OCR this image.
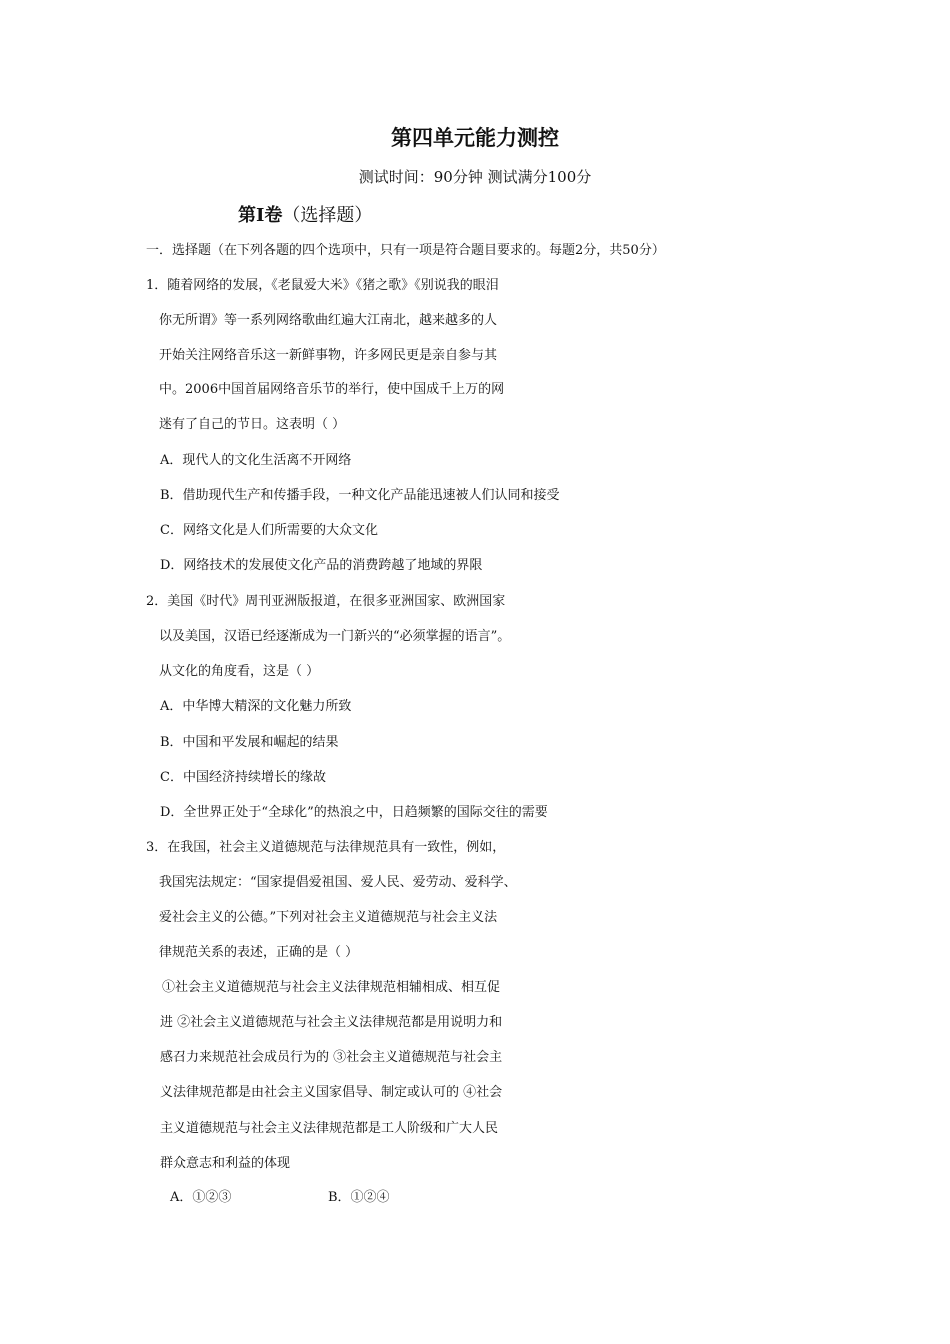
第四单元能力测控
测试时间：90分钟 测试满分100分
第Ⅰ卷（选择题）
一．选择题（在下列各题的四个选项中，只有一项是符合题目要求的。每题2分，共50分）
1．随着网络的发展，《老鼠爱大米》《猪之歌》《别说我的眼泪
你无所谓》等一系列网络歌曲红遍大江南北，越来越多的人
开始关注网络音乐这一新鲜事物，许多网民更是亲自参与其
中。2006中国首届网络音乐节的举行，使中国成千上万的网
迷有了自己的节日。这表明（ ）
A．现代人的文化生活离不开网络
B．借助现代生产和传播手段，一种文化产品能迅速被人们认同和接受
C．网络文化是人们所需要的大众文化
D．网络技术的发展使文化产品的消费跨越了地域的界限
2．美国《时代》周刊亚洲版报道，在很多亚洲国家、欧洲国家
以及美国，汉语已经逐渐成为一门新兴的“必须掌握的语言”。
从文化的角度看，这是（ ）
A．中华博大精深的文化魅力所致
B．中国和平发展和崛起的结果
C．中国经济持续增长的缘故
D．全世界正处于“全球化”的热浪之中，日趋频繁的国际交往的需要
3．在我国，社会主义道德规范与法律规范具有一致性，例如，
我国宪法规定：“国家提倡爱祖国、爱人民、爱劳动、爱科学、
爱社会主义的公德。”下列对社会主义道德规范与社会主义法
律规范关系的表述，正确的是（ ）
①社会主义道德规范与社会主义法律规范相辅相成、相互促
进 ②社会主义道德规范与社会主义法律规范都是用说明力和
感召力来规范社会成员行为的 ③社会主义道德规范与社会主
义法律规范都是由社会主义国家倡导、制定或认可的 ④社会
主义道德规范与社会主义法律规范都是工人阶级和广大人民
群众意志和利益的体现
A．①②③	B．①②④
